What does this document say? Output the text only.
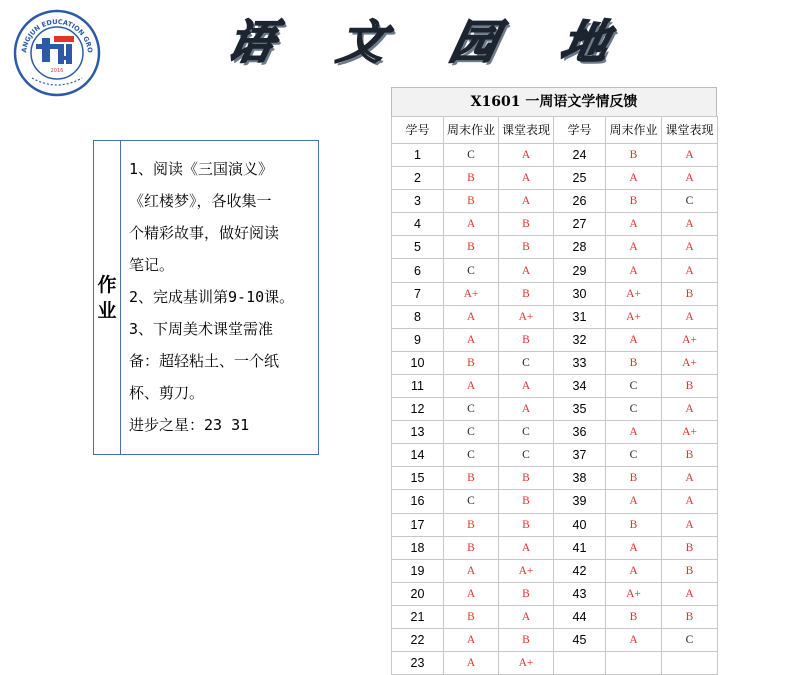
ANGJUN EDUCATION GRO
2016
语 文 园 地
作
业
1、阅读《三国演义》
《红楼梦》，各收集一
个精彩故事，做好阅读
笔记。
2、完成基训第9-10课。
3、下周美术课堂需准
备：超轻粘土、一个纸
杯、剪刀。
进步之星：23 31
X1601 一周语文学情反馈
学号	周末作业	课堂表现	学号	周末作业	课堂表现
1	C	A	24	B	A
2	B	A	25	A	A
3	B	A	26	B	C
4	A	B	27	A	A
5	B	B	28	A	A
6	C	A	29	A	A
7	A+	B	30	A+	B
8	A	A+	31	A+	A
9	A	B	32	A	A+
10	B	C	33	B	A+
11	A	A	34	C	B
12	C	A	35	C	A
13	C	C	36	A	A+
14	C	C	37	C	B
15	B	B	38	B	A
16	C	B	39	A	A
17	B	B	40	B	A
18	B	A	41	A	B
19	A	A+	42	A	B
20	A	B	43	A+	A
21	B	A	44	B	B
22	A	B	45	A	C
23	A	A+			
